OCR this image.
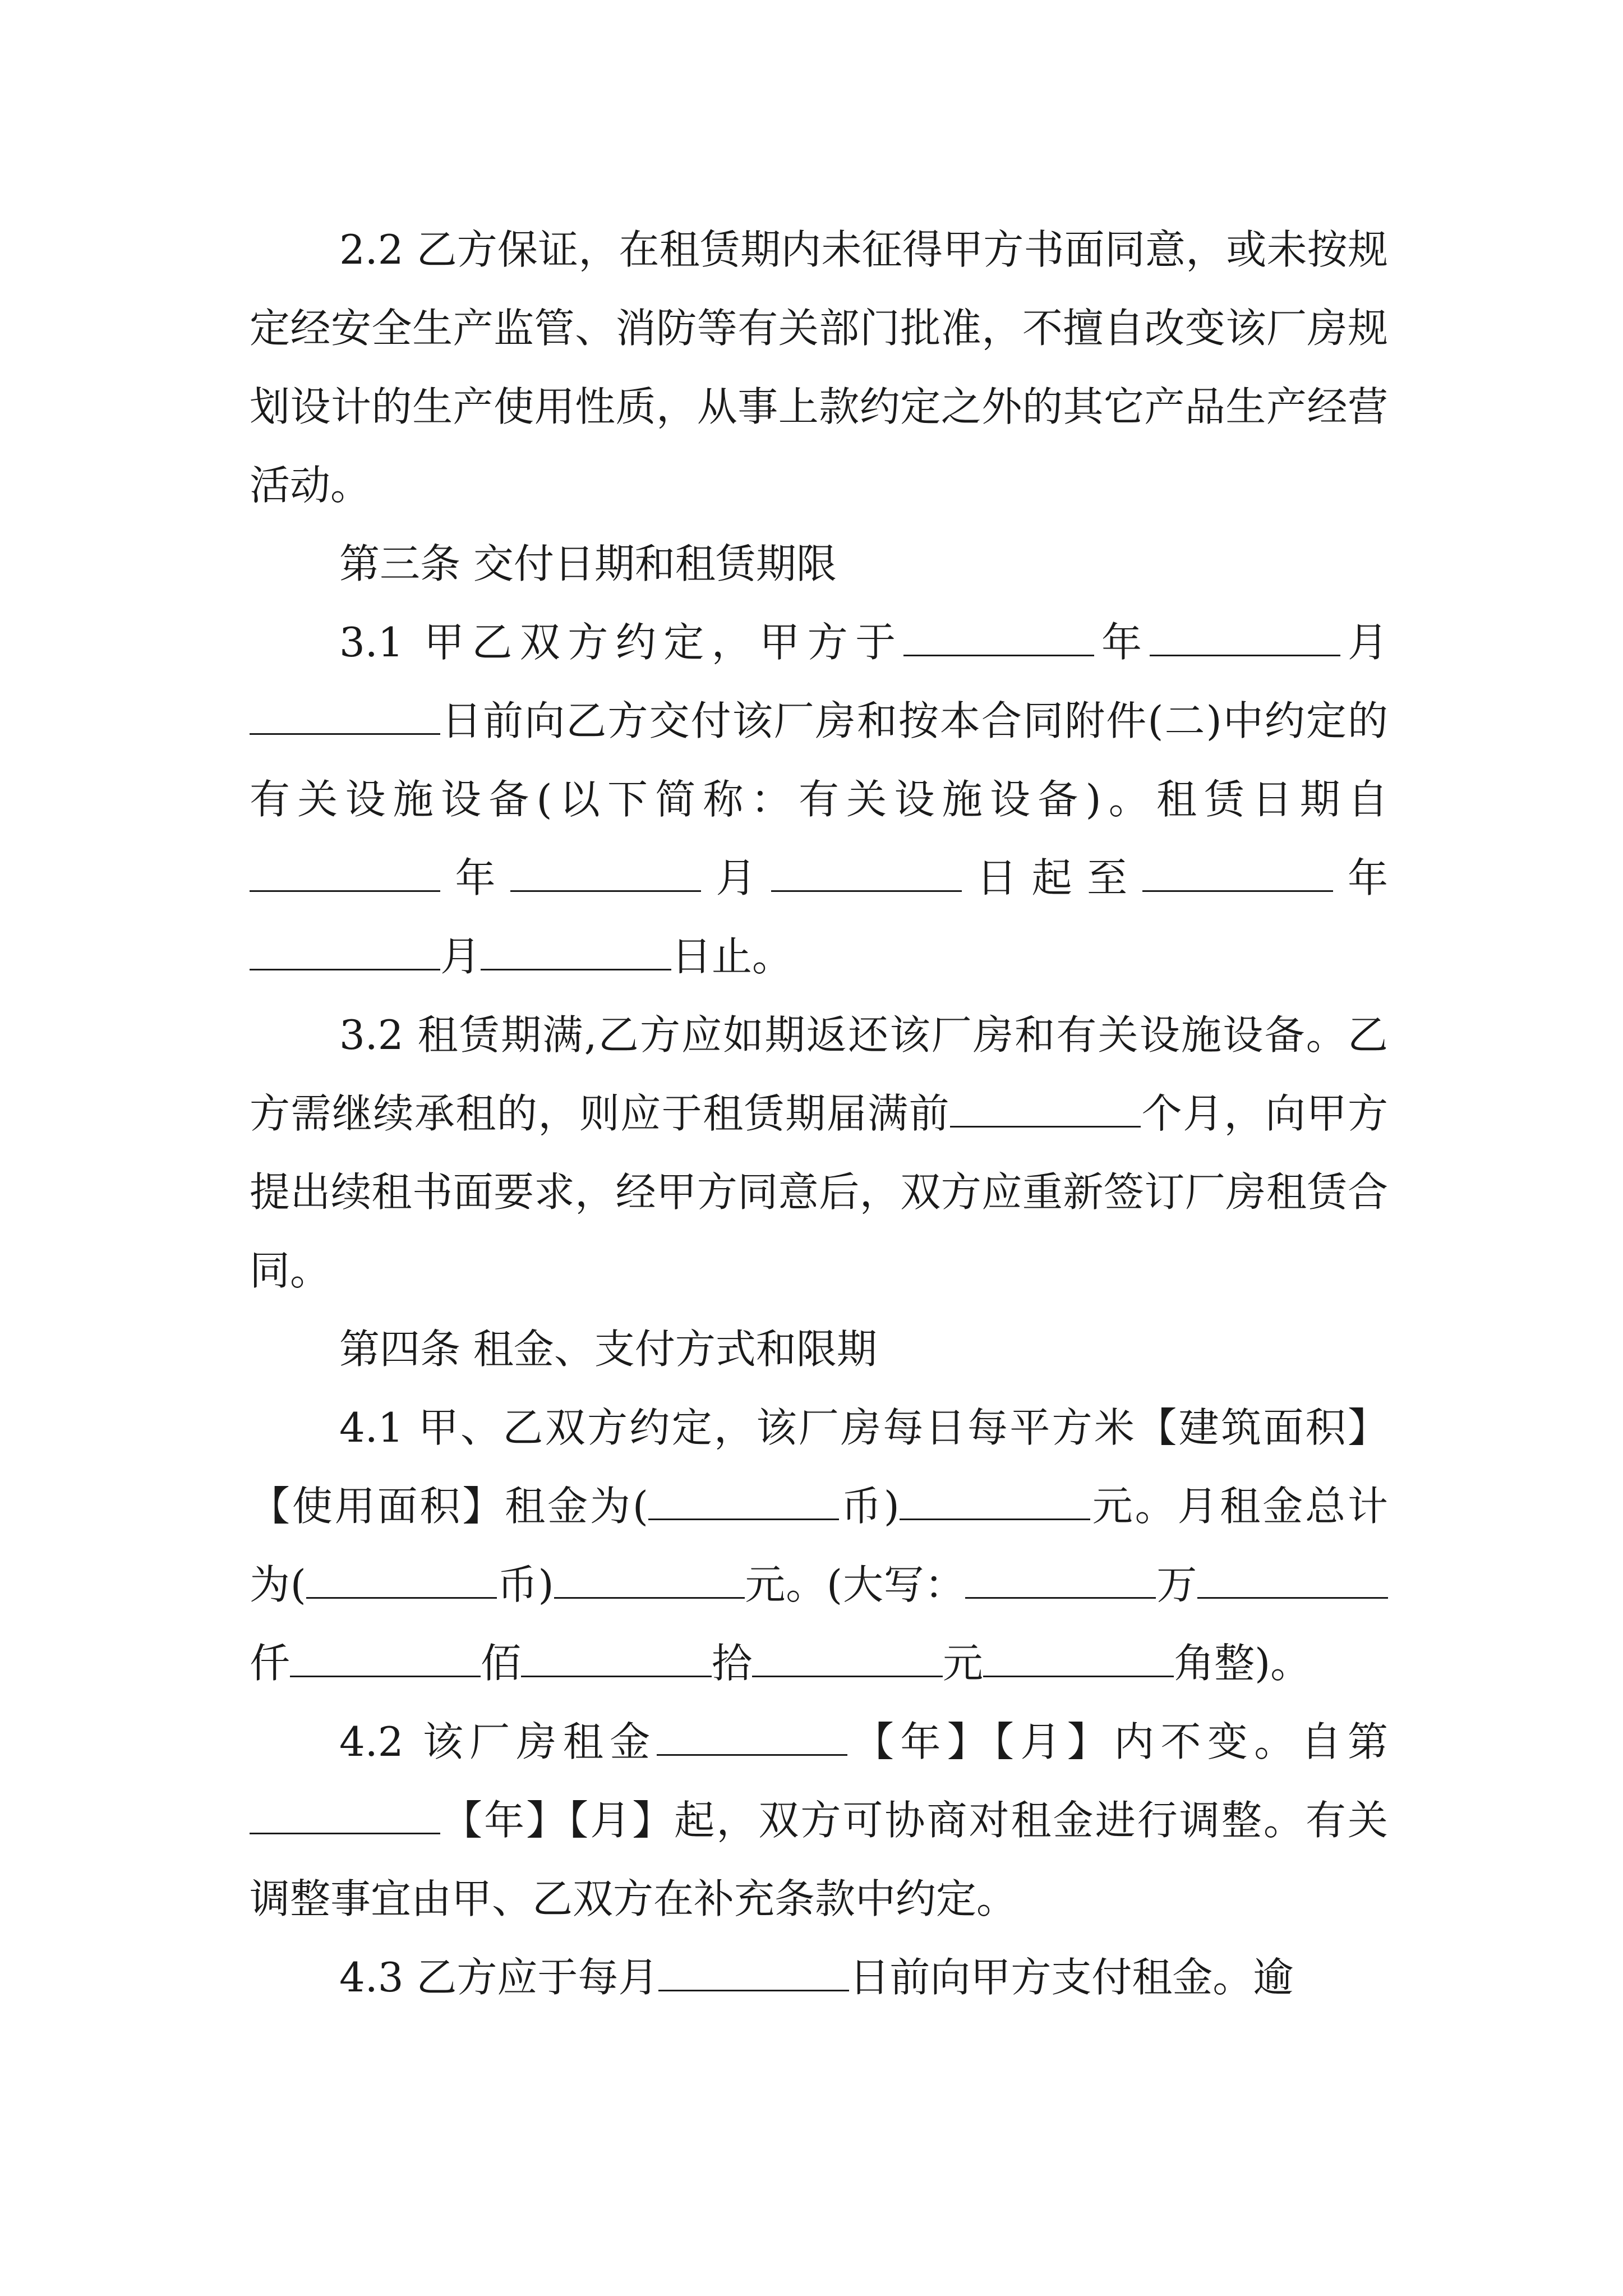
2.2 乙方保证，在租赁期内未征得甲方书面同意，或未按规定经安全生产监管、消防等有关部门批准，不擅自改变该厂房规划设计的生产使用性质，从事上款约定之外的其它产品生产经营活动。

第三条 交付日期和租赁期限

3.1 甲乙双方约定，甲方于	年	月日前向乙方交付该厂房和按本合同附件(二)中约定的有关设施设备(以下简称：有关设施设备)。租赁日期自年	月	日起至	年月	日止。

3.2 租赁期满,乙方应如期返还该厂房和有关设施设备。乙方需继续承租的，则应于租赁期届满前	个月，向甲方提出续租书面要求，经甲方同意后，双方应重新签订厂房租赁合同。

第四条 租金、支付方式和限期

4.1 甲、乙双方约定，该厂房每日每平方米【建筑面积】【使用面积】租金为(	币)	元。月租金总计为(	币)	元。(大写：	万仟	佰	拾	元	角整)。

4.2 该厂房租金	【年】【月】内不变。自第【年】【月】起，双方可协商对租金进行调整。有关调整事宜由甲、乙双方在补充条款中约定。

4.3 乙方应于每月	日前向甲方支付租金。逾
